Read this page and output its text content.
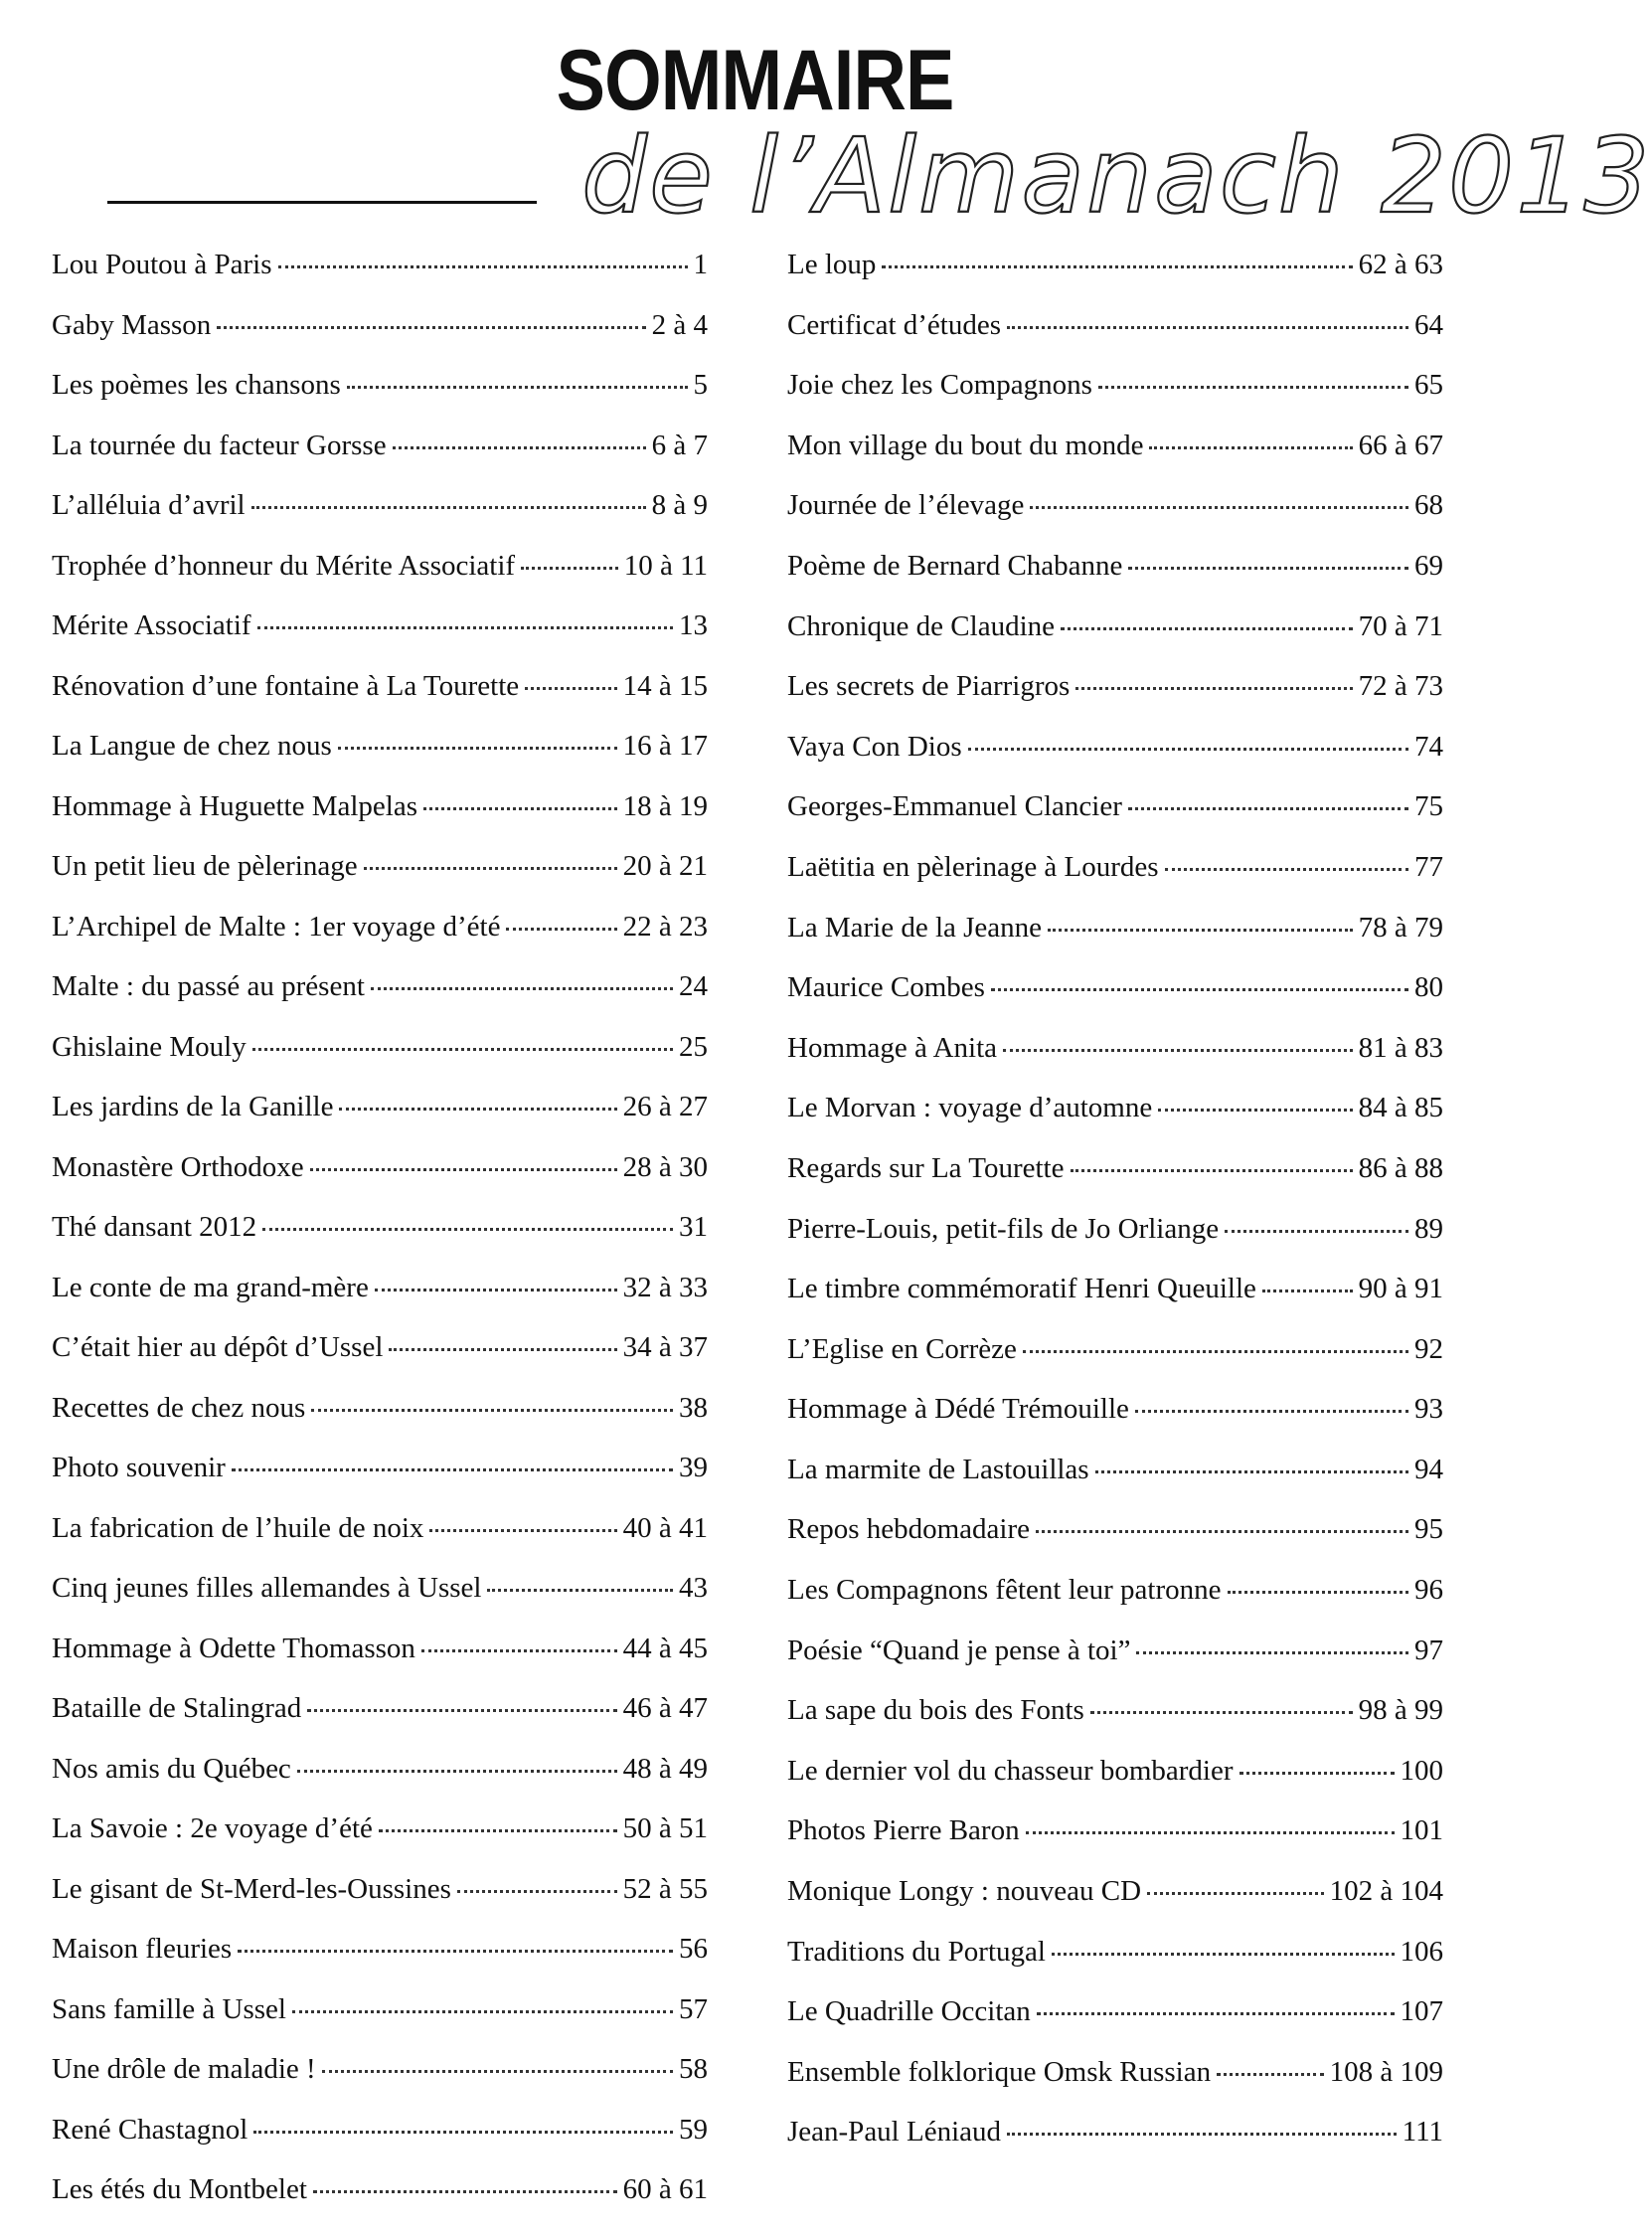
SOMMAIRE
de l’Almanach 2013
Lou Poutou à Paris	1
Gaby Masson	2 à 4
Les poèmes les chansons	5
La tournée du facteur Gorsse	6 à 7
L’alléluia d’avril	8 à 9
Trophée d’honneur du Mérite Associatif	10 à 11
Mérite Associatif	13
Rénovation d’une fontaine à La Tourette	14 à 15
La Langue de chez nous	16 à 17
Hommage à Huguette Malpelas	18 à 19
Un petit lieu de pèlerinage	20 à 21
L’Archipel de Malte : 1er voyage d’été	22 à 23
Malte : du passé au présent	24
Ghislaine Mouly	25
Les jardins de la Ganille	26 à 27
Monastère Orthodoxe	28 à 30
Thé dansant 2012	31
Le conte de ma grand-mère	32 à 33
C’était hier au dépôt d’Ussel	34 à 37
Recettes de chez nous	38
Photo souvenir	39
La fabrication de l’huile de noix	40 à 41
Cinq jeunes filles allemandes à Ussel	43
Hommage à Odette Thomasson	44 à 45
Bataille de Stalingrad	46 à 47
Nos amis du Québec	48 à 49
La Savoie : 2e voyage d’été	50 à 51
Le gisant de St-Merd-les-Oussines	52 à 55
Maison fleuries	56
Sans famille à Ussel	57
Une drôle de maladie !	58
René Chastagnol	59
Les étés du Montbelet	60 à 61
Le loup	62 à 63
Certificat d’études	64
Joie chez les Compagnons	65
Mon village du bout du monde	66 à 67
Journée de l’élevage	68
Poème de Bernard Chabanne	69
Chronique de Claudine	70 à 71
Les secrets de Piarrigros	72 à 73
Vaya Con Dios	74
Georges-Emmanuel Clancier	75
Laëtitia en pèlerinage à Lourdes	77
La Marie de la Jeanne	78 à 79
Maurice Combes	80
Hommage à Anita	81 à 83
Le Morvan : voyage d’automne	84 à 85
Regards sur La Tourette	86 à 88
Pierre-Louis, petit-fils de Jo Orliange	89
Le timbre commémoratif Henri Queuille	90 à 91
L’Eglise en Corrèze	92
Hommage à Dédé Trémouille	93
La marmite de Lastouillas	94
Repos hebdomadaire	95
Les Compagnons fêtent leur patronne	96
Poésie “Quand je pense à toi”	97
La sape du bois des Fonts	98 à 99
Le dernier vol du chasseur bombardier	100
Photos Pierre Baron	101
Monique Longy : nouveau CD	102 à 104
Traditions du Portugal	106
Le Quadrille Occitan	107
Ensemble folklorique Omsk Russian	108 à 109
Jean-Paul Léniaud	111
